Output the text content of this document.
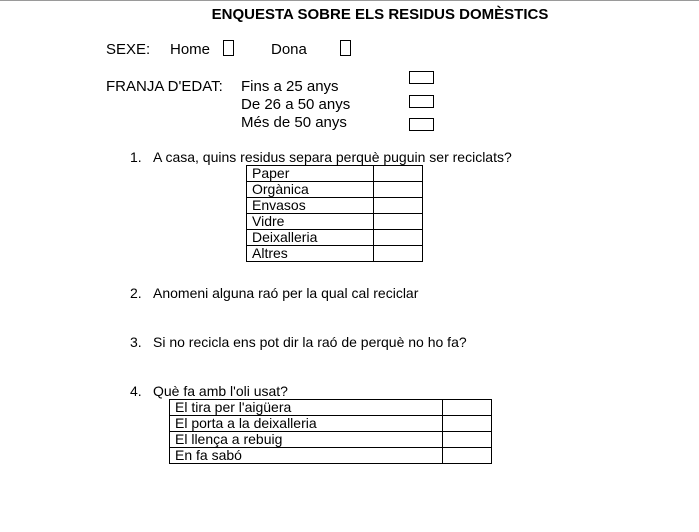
ENQUESTA SOBRE ELS RESIDUS DOMÈSTICS
SEXE: Home	Dona
FRANJA D'EDAT: Fins a 25 anys
De 26 a 50 anys
Més de 50 anys
1. A casa, quins residus separa perquè puguin ser reciclats?
Paper	
Orgànica	
Envasos	
Vidre	
Deixalleria	
Altres	
2. Anomeni alguna raó per la qual cal reciclar
3. Si no recicla ens pot dir la raó de perquè no ho fa?
4. Què fa amb l'oli usat?
El tira per l'aigüera	
El porta a la deixalleria	
El llença a rebuig	
En fa sabó	
